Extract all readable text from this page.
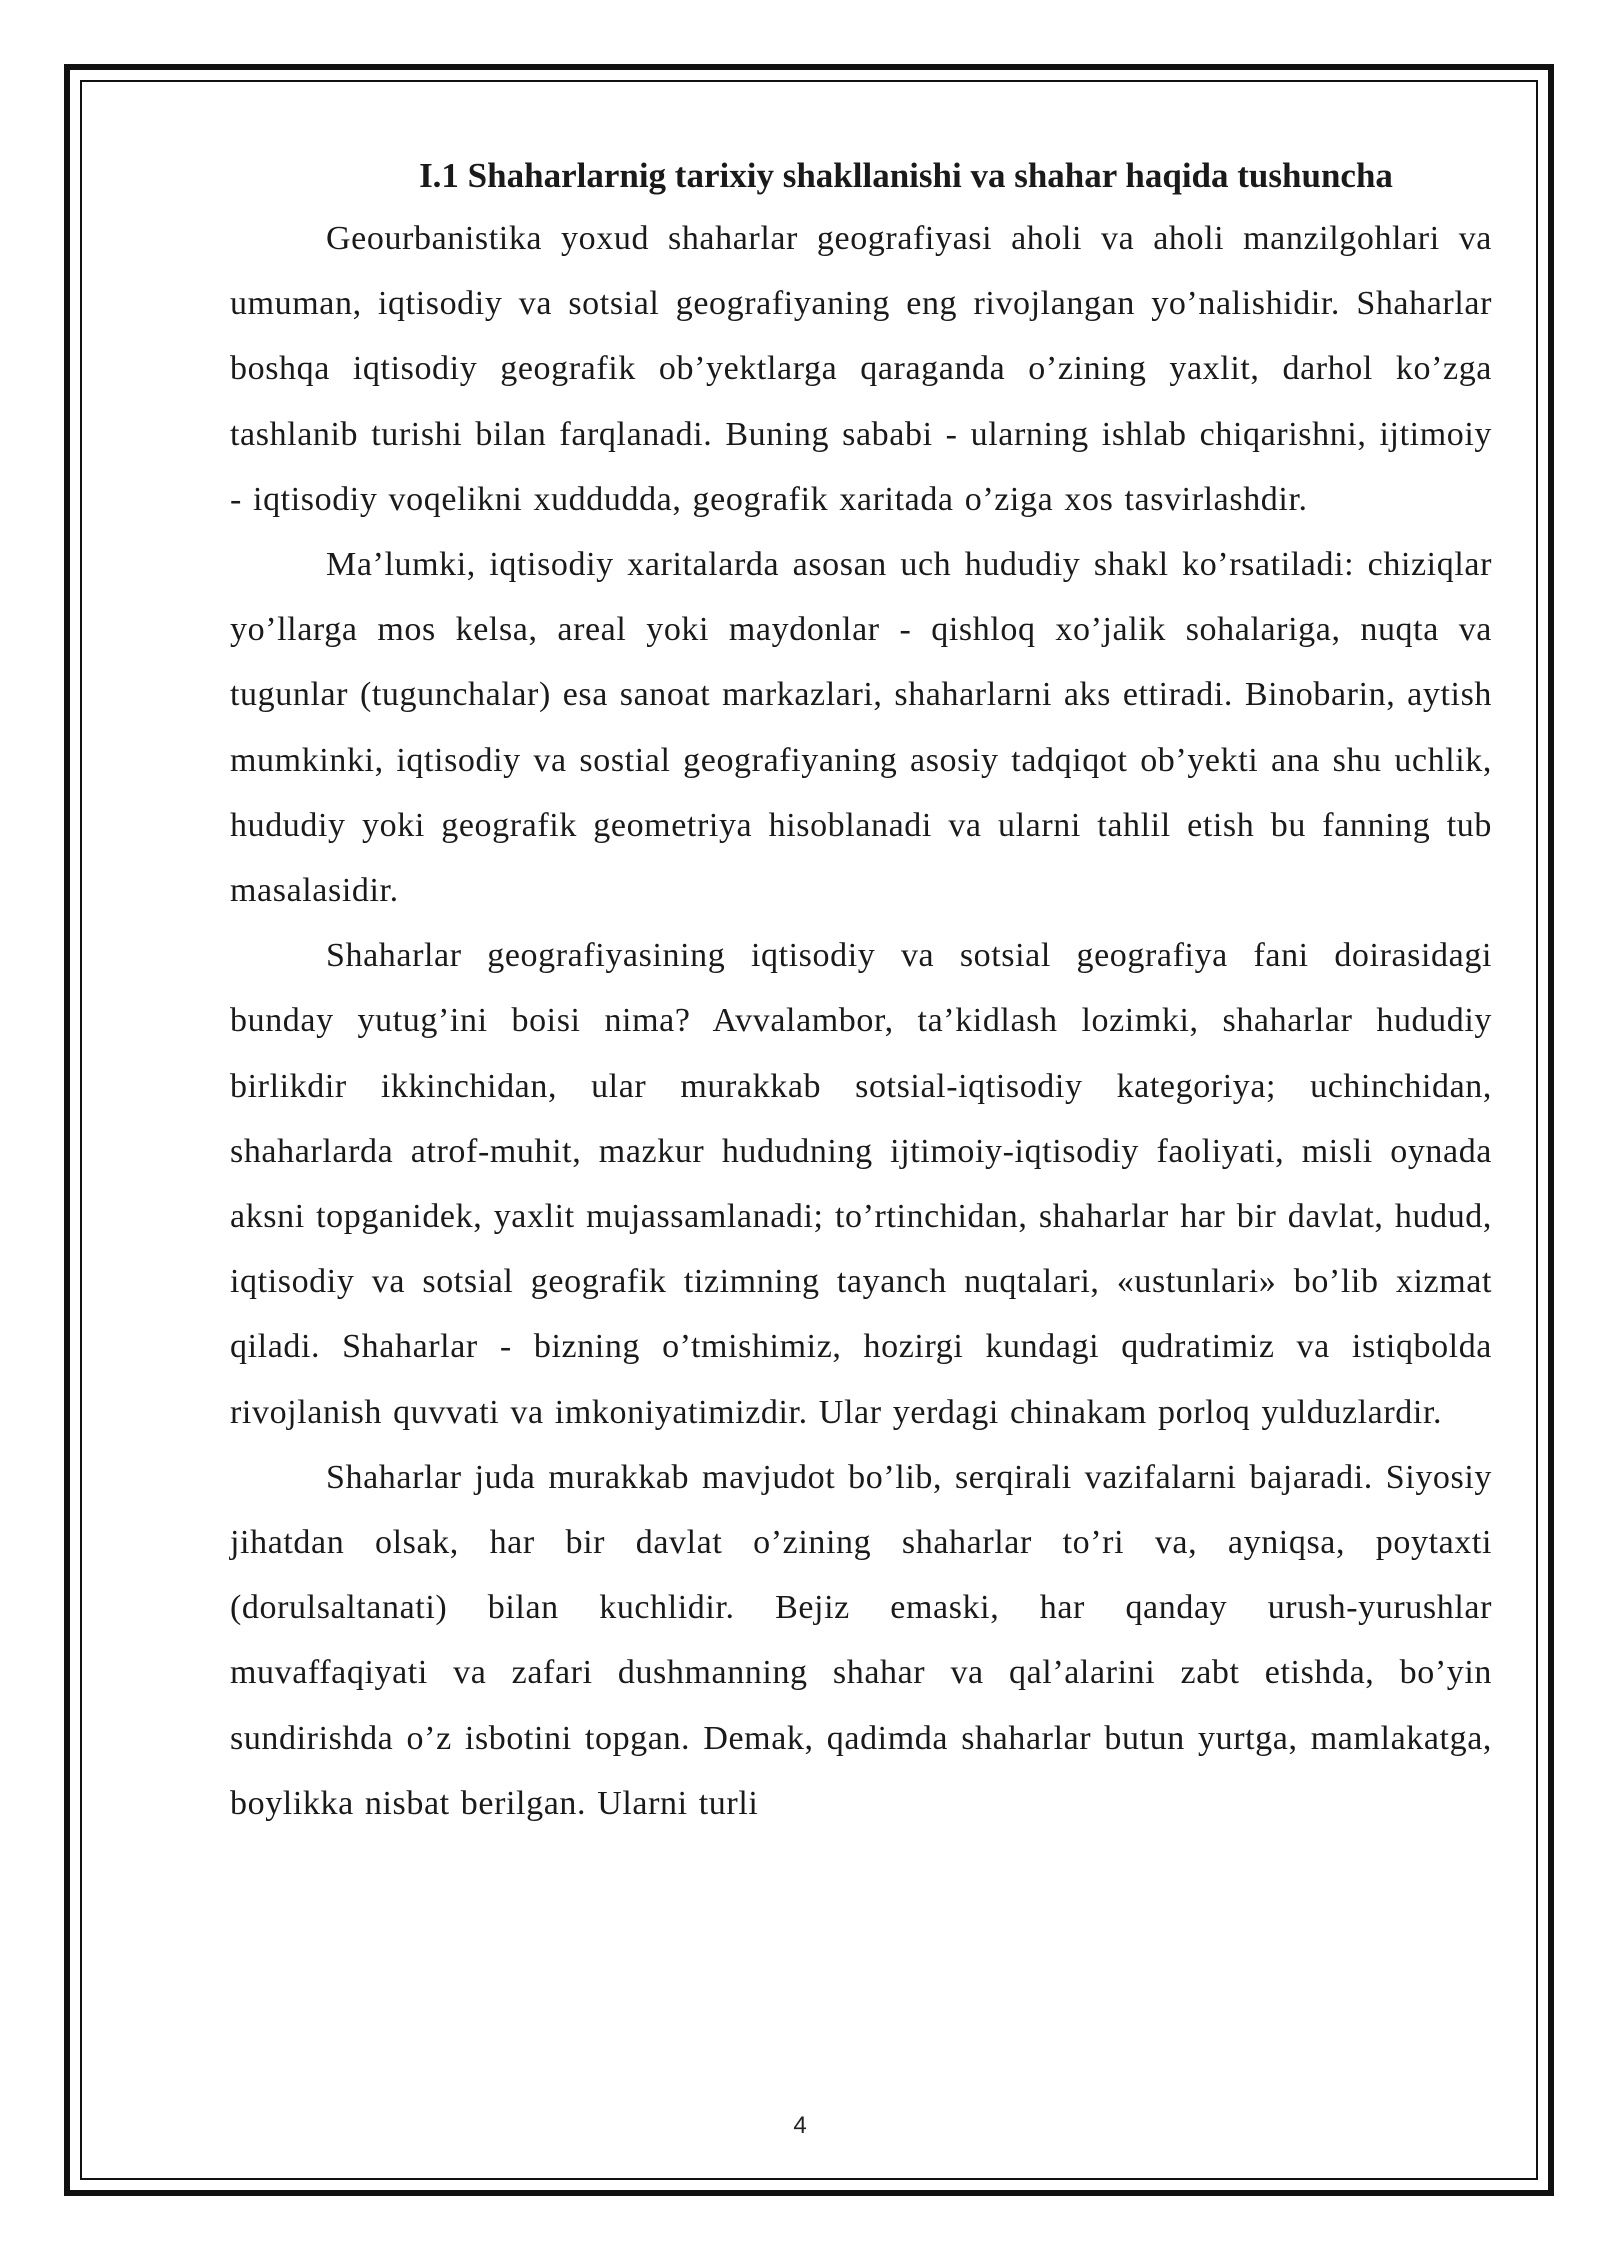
I.1 Shaharlarnig tarixiy shakllanishi va shahar haqida tushuncha

Geourbanistika yoxud shaharlar geografiyasi aholi va aholi manzilgohlari va umuman, iqtisodiy va sotsial geografiyaning eng rivojlangan yo’nalishidir. Shaharlar boshqa iqtisodiy geografik ob’yektlarga qaraganda o’zining yaxlit, darhol ko’zga tashlanib turishi bilan farqlanadi. Buning sababi - ularning ishlab chiqarishni, ijtimoiy - iqtisodiy voqelikni xuddudda, geografik xaritada o’ziga xos tasvirlashdir.

Ma’lumki, iqtisodiy xaritalarda asosan uch hududiy shakl ko’rsatiladi: chiziqlar yo’llarga mos kelsa, areal yoki maydonlar - qishloq xo’jalik sohalariga, nuqta va tugunlar (tugunchalar) esa sanoat markazlari, shaharlarni aks ettiradi. Binobarin, aytish mumkinki, iqtisodiy va sostial geografiyaning asosiy tadqiqot ob’yekti ana shu uchlik, hududiy yoki geografik geometriya hisoblanadi va ularni tahlil etish bu fanning tub masalasidir.

Shaharlar geografiyasining iqtisodiy va sotsial geografiya fani doirasidagi bunday yutug’ini boisi nima? Avvalambor, ta’kidlash lozimki, shaharlar hududiy birlikdir ikkinchidan, ular murakkab sotsial-iqtisodiy kategoriya; uchinchidan, shaharlarda atrof-muhit, mazkur hududning ijtimoiy-iqtisodiy faoliyati, misli oynada aksni topganidek, yaxlit mujassamlanadi; to’rtinchidan, shaharlar har bir davlat, hudud, iqtisodiy va sotsial geografik tizimning tayanch nuqtalari, «ustunlari» bo’lib xizmat qiladi. Shaharlar - bizning o’tmishimiz, hozirgi kundagi qudratimiz va istiqbolda rivojlanish quvvati va imkoniyatimizdir. Ular yerdagi chinakam porloq yulduzlardir.

Shaharlar juda murakkab mavjudot bo’lib, serqirali vazifalarni bajaradi. Siyosiy jihatdan olsak, har bir davlat o’zining shaharlar to’ri va, ayniqsa, poytaxti (dorulsaltanati) bilan kuchlidir. Bejiz emaski, har qanday urush-yurushlar muvaffaqiyati va zafari dushmanning shahar va qal’alarini zabt etishda, bo’yin sundirishda o’z isbotini topgan. Demak, qadimda shaharlar butun yurtga, mamlakatga, boylikka nisbat berilgan. Ularni turli

4
